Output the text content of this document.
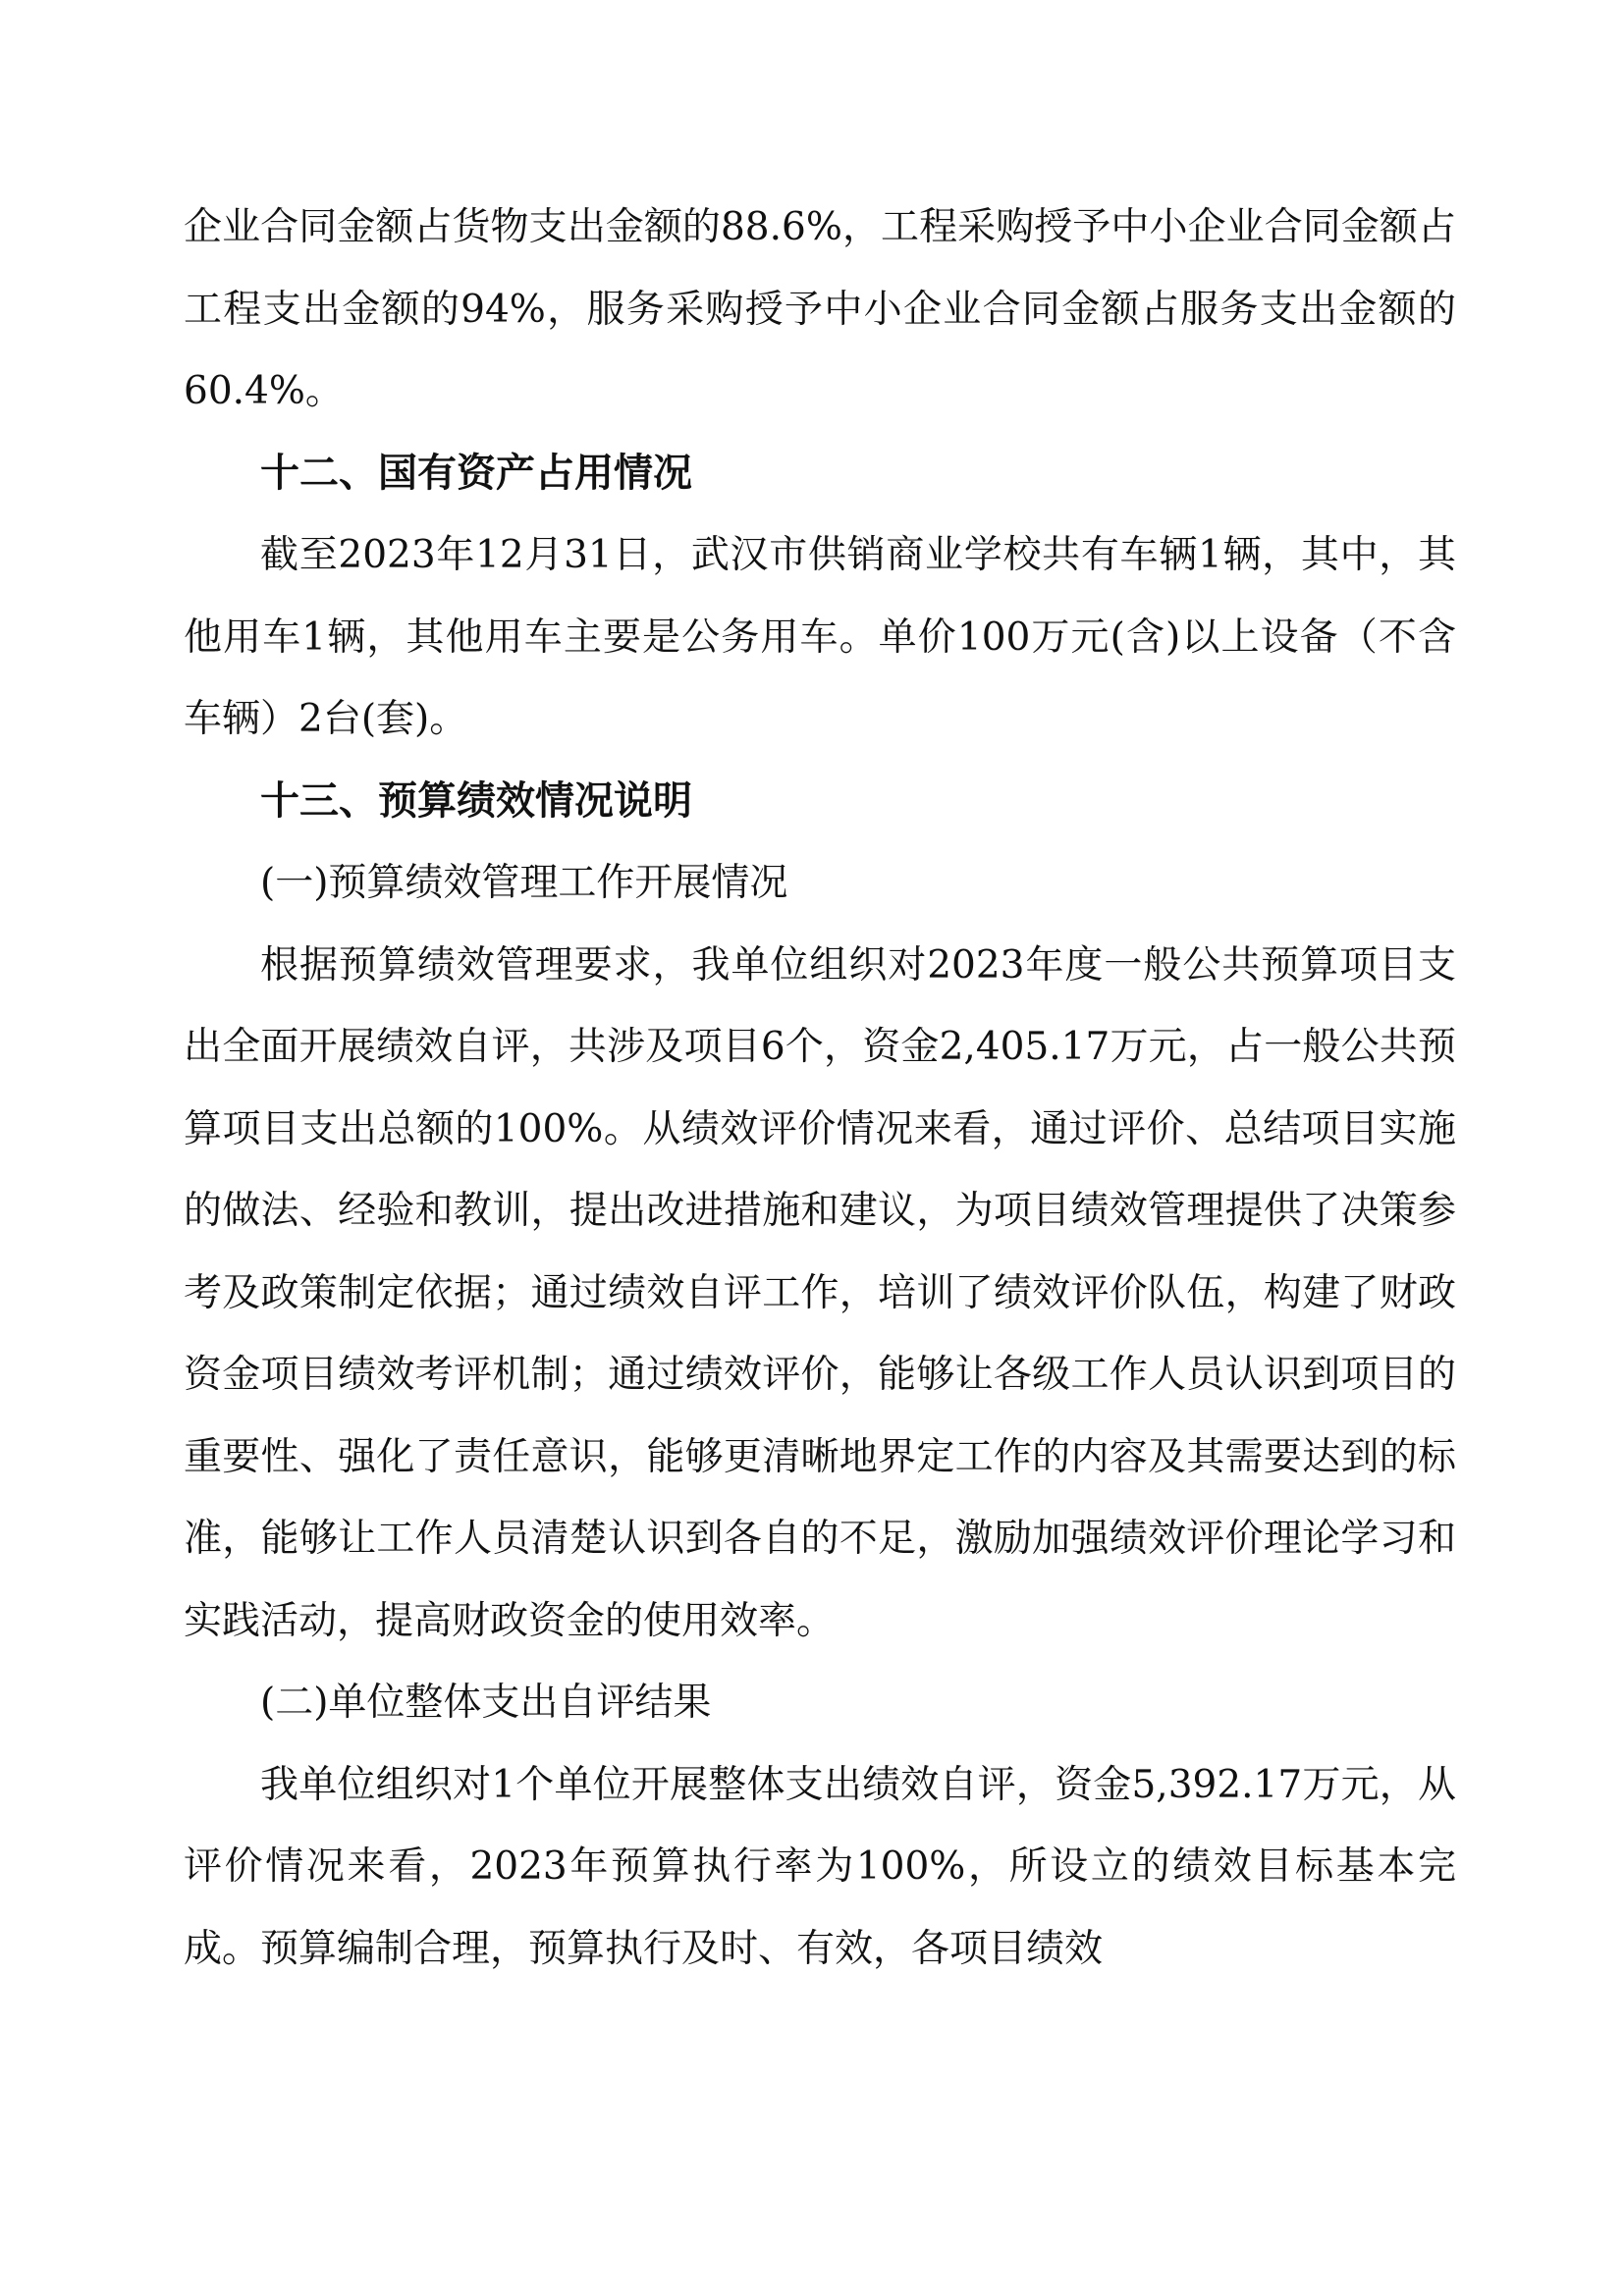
企业合同金额占货物支出金额的88.6%，工程采购授予中小企业合同金额占工程支出金额的94%，服务采购授予中小企业合同金额占服务支出金额的60.4%。

十二、国有资产占用情况

截至2023年12月31日，武汉市供销商业学校共有车辆1辆，其中，其他用车1辆，其他用车主要是公务用车。单价100万元(含)以上设备（不含车辆）2台(套)。

十三、预算绩效情况说明

(一)预算绩效管理工作开展情况

根据预算绩效管理要求，我单位组织对2023年度一般公共预算项目支出全面开展绩效自评，共涉及项目6个，资金2,405.17万元，占一般公共预算项目支出总额的100%。从绩效评价情况来看，通过评价、总结项目实施的做法、经验和教训，提出改进措施和建议，为项目绩效管理提供了决策参考及政策制定依据；通过绩效自评工作，培训了绩效评价队伍，构建了财政资金项目绩效考评机制；通过绩效评价，能够让各级工作人员认识到项目的重要性、强化了责任意识，能够更清晰地界定工作的内容及其需要达到的标准，能够让工作人员清楚认识到各自的不足，激励加强绩效评价理论学习和实践活动，提高财政资金的使用效率。

(二)单位整体支出自评结果

我单位组织对1个单位开展整体支出绩效自评，资金5,392.17万元，从评价情况来看，2023年预算执行率为100%，所设立的绩效目标基本完成。预算编制合理，预算执行及时、有效，各项目绩效
